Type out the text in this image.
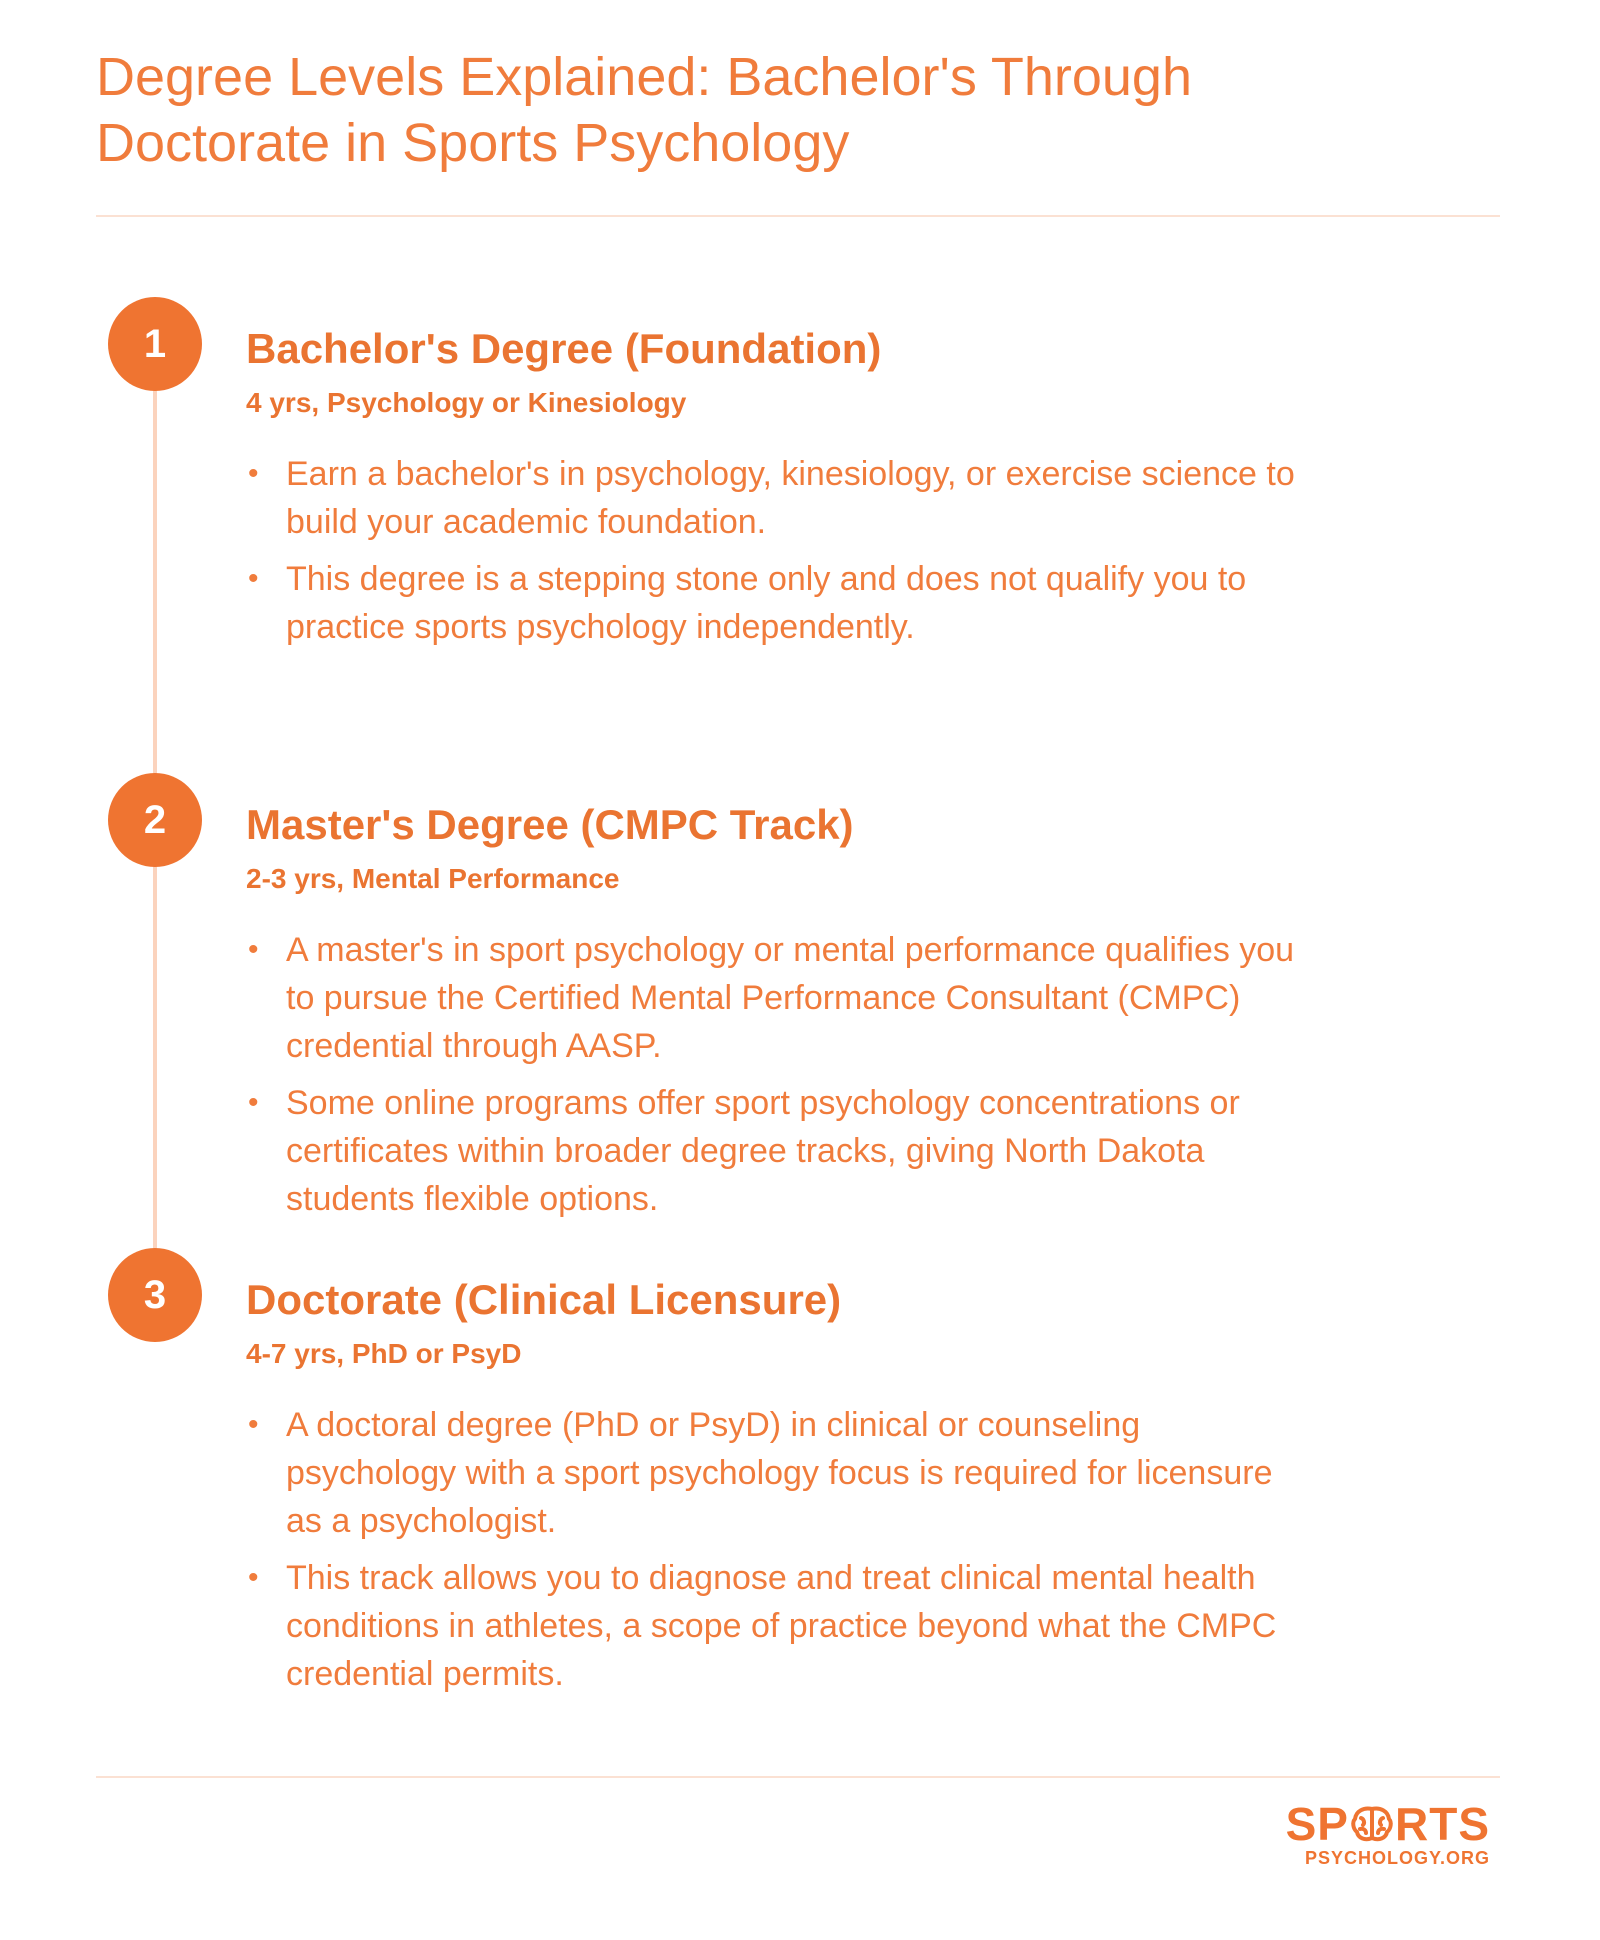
Degree Levels Explained: Bachelor's Through Doctorate in Sports Psychology
1	Bachelor's Degree (Foundation)
4 yrs, Psychology or Kinesiology
• Earn a bachelor's in psychology, kinesiology, or exercise science to build your academic foundation.
• This degree is a stepping stone only and does not qualify you to practice sports psychology independently.
2	Master's Degree (CMPC Track)
2-3 yrs, Mental Performance
• A master's in sport psychology or mental performance qualifies you to pursue the Certified Mental Performance Consultant (CMPC) credential through AASP.
• Some online programs offer sport psychology concentrations or certificates within broader degree tracks, giving North Dakota students flexible options.
3	Doctorate (Clinical Licensure)
4-7 yrs, PhD or PsyD
• A doctoral degree (PhD or PsyD) in clinical or counseling psychology with a sport psychology focus is required for licensure as a psychologist.
• This track allows you to diagnose and treat clinical mental health conditions in athletes, a scope of practice beyond what the CMPC credential permits.
SP RTS
PSYCHOLOGY.ORG
